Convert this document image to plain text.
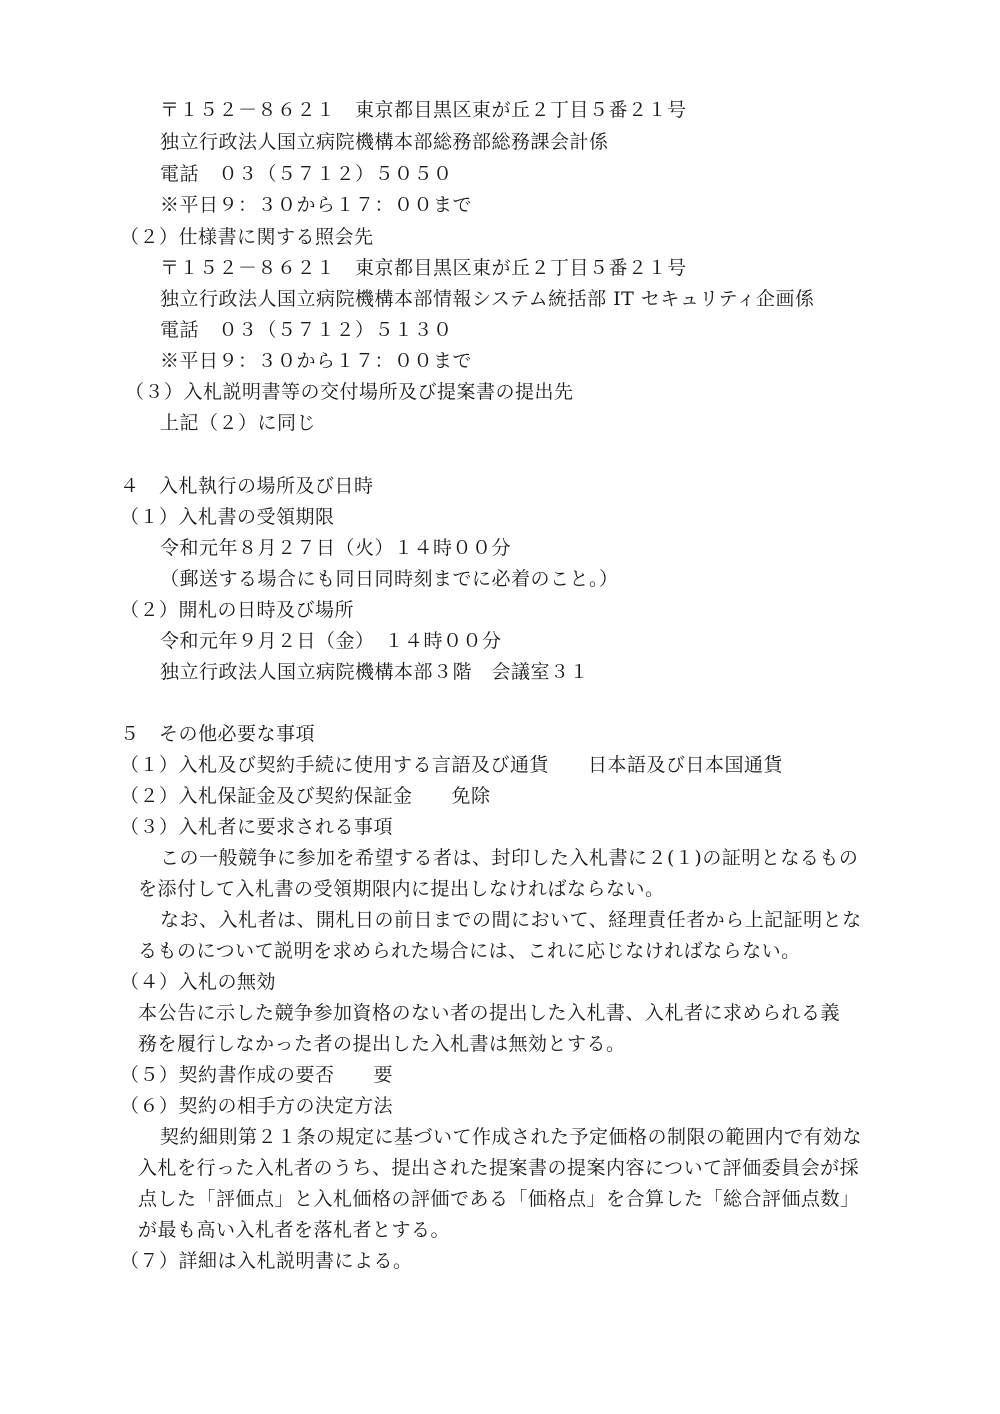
〒１５２－８６２１　東京都目黒区東が丘２丁目５番２１号
独立行政法人国立病院機構本部総務部総務課会計係
電話　０３（５７１２）５０５０
※平日９：３０から１７：００まで
（２）仕様書に関する照会先
〒１５２－８６２１　東京都目黒区東が丘２丁目５番２１号
独立行政法人国立病院機構本部情報システム統括部 IT セキュリティ企画係
電話　０３（５７１２）５１３０
※平日９：３０から１７：００まで
（３）入札説明書等の交付場所及び提案書の提出先
上記（２）に同じ
４　入札執行の場所及び日時
（１）入札書の受領期限
令和元年８月２７日（火）１４時００分
（郵送する場合にも同日同時刻までに必着のこと。）
（２）開札の日時及び場所
令和元年９月２日（金）　１４時００分
独立行政法人国立病院機構本部３階　会議室３１
５　その他必要な事項
（１）入札及び契約手続に使用する言語及び通貨　　日本語及び日本国通貨
（２）入札保証金及び契約保証金　　免除
（３）入札者に要求される事項
この一般競争に参加を希望する者は、封印した入札書に２(１)の証明となるもの
を添付して入札書の受領期限内に提出しなければならない。
なお、入札者は、開札日の前日までの間において、経理責任者から上記証明とな
るものについて説明を求められた場合には、これに応じなければならない。
（４）入札の無効
本公告に示した競争参加資格のない者の提出した入札書、入札者に求められる義
務を履行しなかった者の提出した入札書は無効とする。
（５）契約書作成の要否　　要
（６）契約の相手方の決定方法
契約細則第２１条の規定に基づいて作成された予定価格の制限の範囲内で有効な
入札を行った入札者のうち、提出された提案書の提案内容について評価委員会が採
点した「評価点」と入札価格の評価である「価格点」を合算した「総合評価点数」
が最も高い入札者を落札者とする。
（７）詳細は入札説明書による。
